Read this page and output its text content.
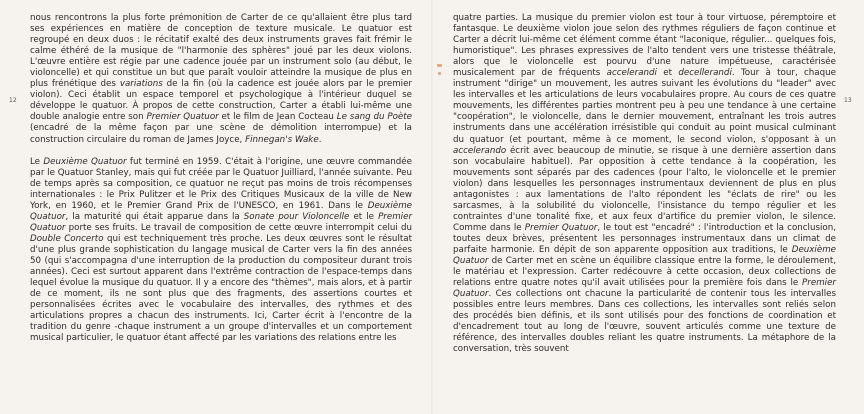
12	13

nous rencontrons la plus forte prémonition de Carter de ce qu'allaient être plus tard ses expériences en matière de conception de texture musicale. Le quatuor est regroupé en deux duos : le récitatif exalté des deux instruments graves fait frémir le calme éthéré de la musique de "l'harmonie des sphères" joué par les deux violons. L'œuvre entière est régie par une cadence jouée par un instrument solo (au début, le violoncelle) et qui constitue un but que paraît vouloir atteindre la musique de plus en plus frénétique des variations de la fin (où la cadence est jouée alors par le premier violon). Ceci établit un espace temporel et psychologique à l'intérieur duquel se développe le quatuor. À propos de cette construction, Carter a établi lui-même une double analogie entre son Premier Quatuor et le film de Jean Cocteau Le sang du Poète (encadré de la même façon par une scène de démolition interrompue) et la construction circulaire du roman de James Joyce, Finnegan's Wake.

Le Deuxième Quatuor fut terminé en 1959. C'était à l'origine, une œuvre commandée par le Quatuor Stanley, mais qui fut créée par le Quatuor Juilliard, l'année suivante. Peu de temps après sa composition, ce quatuor ne reçut pas moins de trois récompenses internationales : le Prix Pulitzer et le Prix des Critiques Musicaux de la ville de New York, en 1960, et le Premier Grand Prix de l'UNESCO, en 1961. Dans le Deuxième Quatuor, la maturité qui était apparue dans la Sonate pour Violoncelle et le Premier Quatuor porte ses fruits. Le travail de composition de cette œuvre interrompit celui du Double Concerto qui est techniquement très proche. Les deux œuvres sont le résultat d'une plus grande sophistication du langage musical de Carter vers la fin des années 50 (qui s'accompagna d'une interruption de la production du compositeur durant trois années). Ceci est surtout apparent dans l'extrême contraction de l'espace-temps dans lequel évolue la musique du quatuor. Il y a encore des "thèmes", mais alors, et à partir de ce moment, ils ne sont plus que des fragments, des assertions courtes et personnalisées écrites avec le vocabulaire des intervalles, des rythmes et des articulations propres a chacun des instruments. Ici, Carter écrit à l'encontre de la tradition du genre -chaque instrument a un groupe d'intervalles et un comportement musical particulier, le quatuor étant affecté par les variations des relations entre les

quatre parties. La musique du premier violon est tour à tour virtuose, péremptoire et fantasque. Le deuxième violon joue selon des rythmes réguliers de façon continue et Carter a décrit lui-même cet élément comme étant "laconique, régulier... quelques fois, humoristique". Les phrases expressives de l'alto tendent vers une tristesse théâtrale, alors que le violoncelle est pourvu d'une nature impétueuse, caractérisée musicalement par de fréquents accelerandi et decellerandi. Tour à tour, chaque instrument "dirige" un mouvement, les autres suivant les évolutions du "leader" avec les intervalles et les articulations de leurs vocabulaires propre. Au cours de ces quatre mouvements, les différentes parties montrent peu à peu une tendance à une certaine "coopération", le violoncelle, dans le dernier mouvement, entraînant les trois autres instruments dans une accélération irrésistible qui conduit au point musical culminant du quatuor (et pourtant, même à ce moment, le second violon, s'opposant à un accelerando écrit avec beaucoup de minutie, se risque à une dernière assertion dans son vocabulaire habituel). Par opposition à cette tendance à la coopération, les mouvements sont séparés par des cadences (pour l'alto, le violoncelle et le premier violon) dans lesquelles les personnages instrumentaux deviennent de plus en plus antagonistes : aux lamentations de l'alto répondent les "éclats de rire" ou les sarcasmes, à la solubilité du violoncelle, l'insistance du tempo régulier et les contraintes d'une tonalité fixe, et aux feux d'artifice du premier violon, le silence. Comme dans le Premier Quatuor, le tout est "encadré" : l'introduction et la conclusion, toutes deux brèves, présentent les personnages instrumentaux dans un climat de parfaite harmonie. En dépit de son apparente opposition aux traditions, le Deuxième Quatuor de Carter met en scène un équilibre classique entre la forme, le déroulement, le matériau et l'expression. Carter redécouvre à cette occasion, deux collections de relations entre quatre notes qu'il avait utilisées pour la première fois dans le Premier Quatuor. Ces collections ont chacune la particularité de contenir tous les intervalles possibles entre leurs membres. Dans ces collections, les intervalles sont reliés selon des procédés bien définis, et ils sont utilisés pour des fonctions de coordination et d'encadrement tout au long de l'œuvre, souvent articulés comme une texture de référence, des intervalles doubles reliant les quatre instruments. La métaphore de la conversation, très souvent
